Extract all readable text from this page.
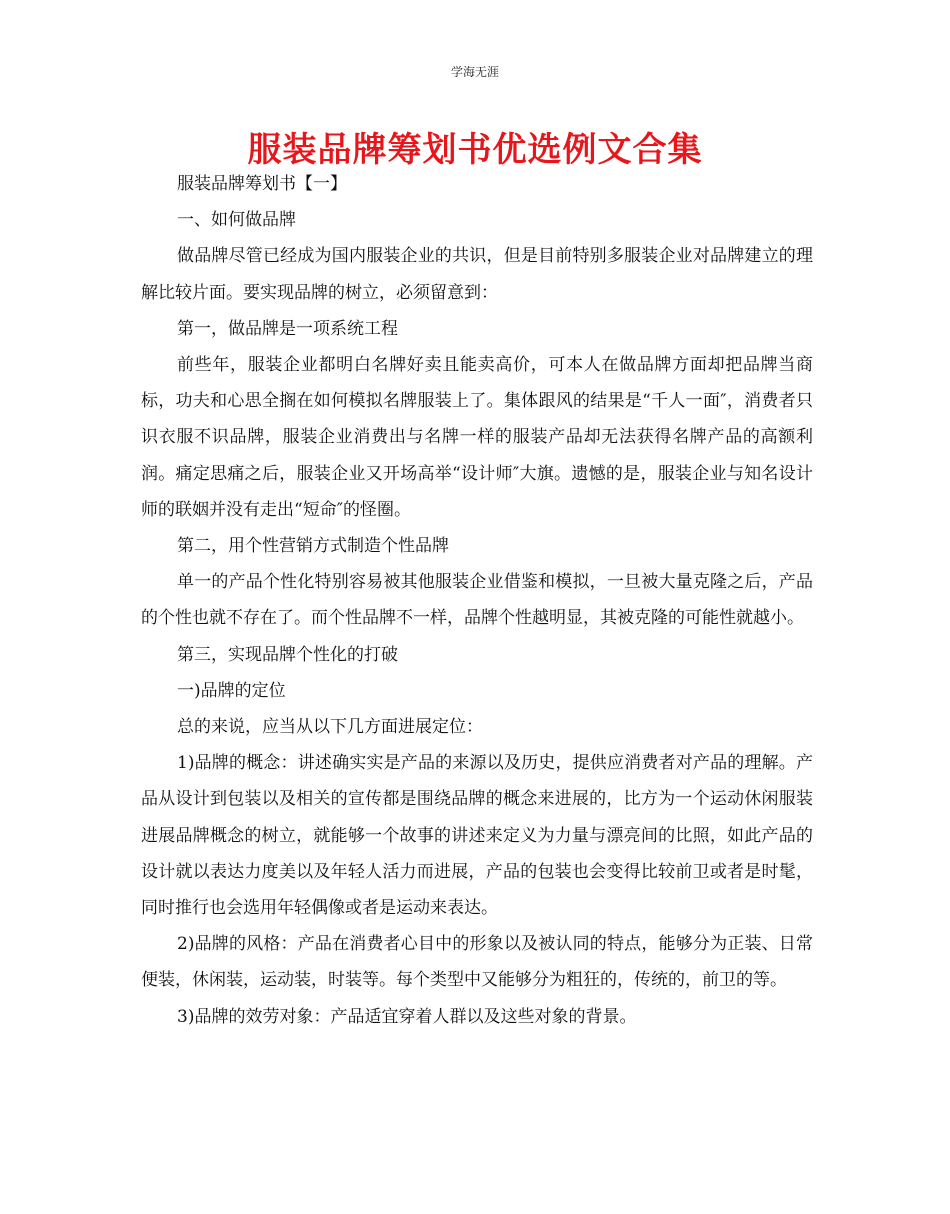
学海无涯
服装品牌筹划书优选例文合集

服装品牌筹划书【一】

一、如何做品牌

做品牌尽管已经成为国内服装企业的共识，但是目前特别多服装企业对品牌建立的理解比较片面。要实现品牌的树立，必须留意到：

第一，做品牌是一项系统工程

前些年，服装企业都明白名牌好卖且能卖高价，可本人在做品牌方面却把品牌当商标，功夫和心思全搁在如何模拟名牌服装上了。集体跟风的结果是“千人一面″，消费者只识衣服不识品牌，服装企业消费出与名牌一样的服装产品却无法获得名牌产品的高额利润。痛定思痛之后，服装企业又开场高举“设计师″大旗。遗憾的是，服装企业与知名设计师的联姻并没有走出“短命″的怪圈。

第二，用个性营销方式制造个性品牌

单一的产品个性化特别容易被其他服装企业借鉴和模拟，一旦被大量克隆之后，产品的个性也就不存在了。而个性品牌不一样，品牌个性越明显，其被克隆的可能性就越小。

第三，实现品牌个性化的打破

一)品牌的定位

总的来说，应当从以下几方面进展定位：

1)品牌的概念：讲述确实实是产品的来源以及历史，提供应消费者对产品的理解。产品从设计到包装以及相关的宣传都是围绕品牌的概念来进展的，比方为一个运动休闲服装进展品牌概念的树立，就能够一个故事的讲述来定义为力量与漂亮间的比照，如此产品的设计就以表达力度美以及年轻人活力而进展，产品的包装也会变得比较前卫或者是时髦，同时推行也会选用年轻偶像或者是运动来表达。

2)品牌的风格：产品在消费者心目中的形象以及被认同的特点，能够分为正装、日常便装，休闲装，运动装，时装等。每个类型中又能够分为粗狂的，传统的，前卫的等。

3)品牌的效劳对象：产品适宜穿着人群以及这些对象的背景。
